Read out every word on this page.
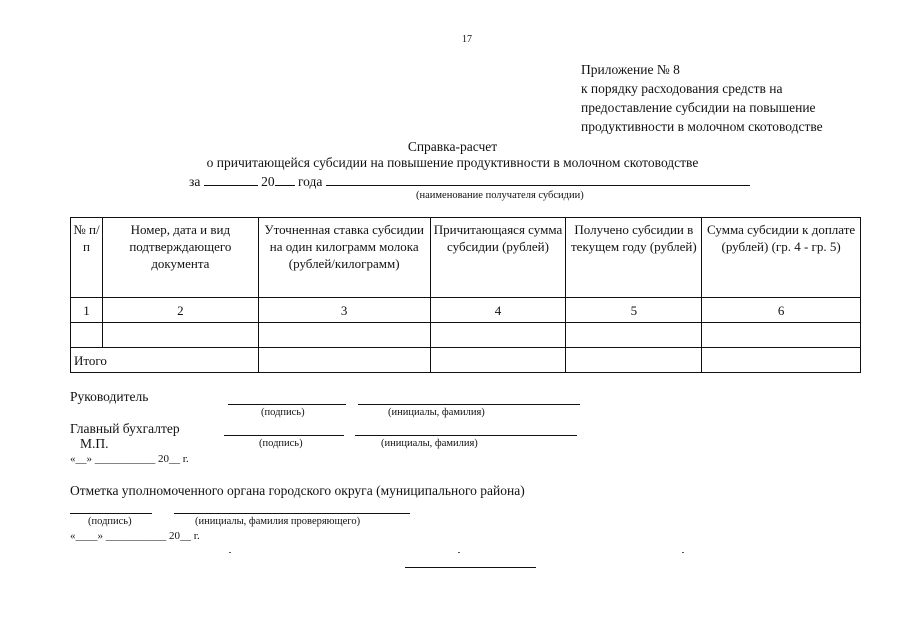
17
Приложение № 8
к порядку расходования средств на
предоставление субсидии на повышение
продуктивности в молочном скотоводстве
Справка-расчет
о причитающейся субсидии на повышение продуктивности в молочном скотоводстве
за	20 года
(наименование получателя субсидии)
№ п/п	Номер, дата и вид подтверждающего документа	Уточненная ставка субсидии на один килограмм молока (рублей/килограмм)	Причитающаяся сумма субсидии (рублей)	Получено субсидии в текущем году (рублей)	Сумма субсидии к доплате (рублей) (гр. 4 - гр. 5)
1	2	3	4	5	6

Итого					
Руководитель
(подпись)	(инициалы, фамилия)
Главный бухгалтер
М.П.	(подпись)	(инициалы, фамилия)
«__» ___________ 20__ г.
Отметка уполномоченного органа городского округа (муниципального района)
(подпись)	(инициалы, фамилия проверяющего)
«____» ___________ 20__ г.
